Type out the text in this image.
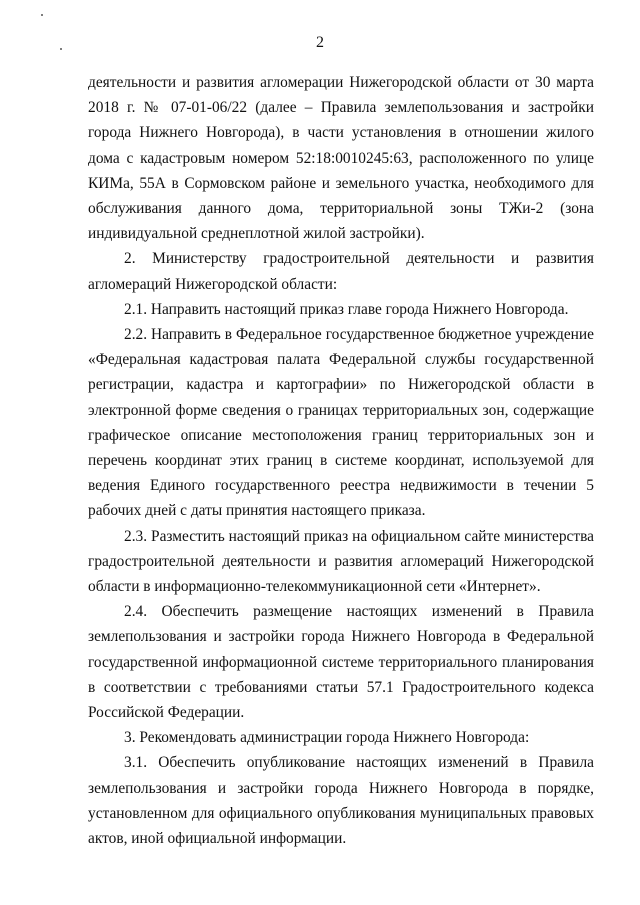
2

деятельности и развития агломерации Нижегородской области от 30 марта 2018 г. № 07-01-06/22 (далее – Правила землепользования и застройки города Нижнего Новгорода), в части установления в отношении жилого дома с кадастровым номером 52:18:0010245:63, расположенного по улице КИМа, 55А в Сормовском районе и земельного участка, необходимого для обслуживания данного дома, территориальной зоны ТЖи-2 (зона индивидуальной среднеплотной жилой застройки).

2. Министерству градостроительной деятельности и развития агломераций Нижегородской области:

2.1. Направить настоящий приказ главе города Нижнего Новгорода.

2.2. Направить в Федеральное государственное бюджетное учреждение «Федеральная кадастровая палата Федеральной службы государственной регистрации, кадастра и картографии» по Нижегородской области в электронной форме сведения о границах территориальных зон, содержащие графическое описание местоположения границ территориальных зон и перечень координат этих границ в системе координат, используемой для ведения Единого государственного реестра недвижимости в течении 5 рабочих дней с даты принятия настоящего приказа.

2.3. Разместить настоящий приказ на официальном сайте министерства градостроительной деятельности и развития агломераций Нижегородской области в информационно-телекоммуникационной сети «Интернет».

2.4. Обеспечить размещение настоящих изменений в Правила землепользования и застройки города Нижнего Новгорода в Федеральной государственной информационной системе территориального планирования в соответствии с требованиями статьи 57.1 Градостроительного кодекса Российской Федерации.

3. Рекомендовать администрации города Нижнего Новгорода:

3.1. Обеспечить опубликование настоящих изменений в Правила землепользования и застройки города Нижнего Новгорода в порядке, установленном для официального опубликования муниципальных правовых актов, иной официальной информации.
